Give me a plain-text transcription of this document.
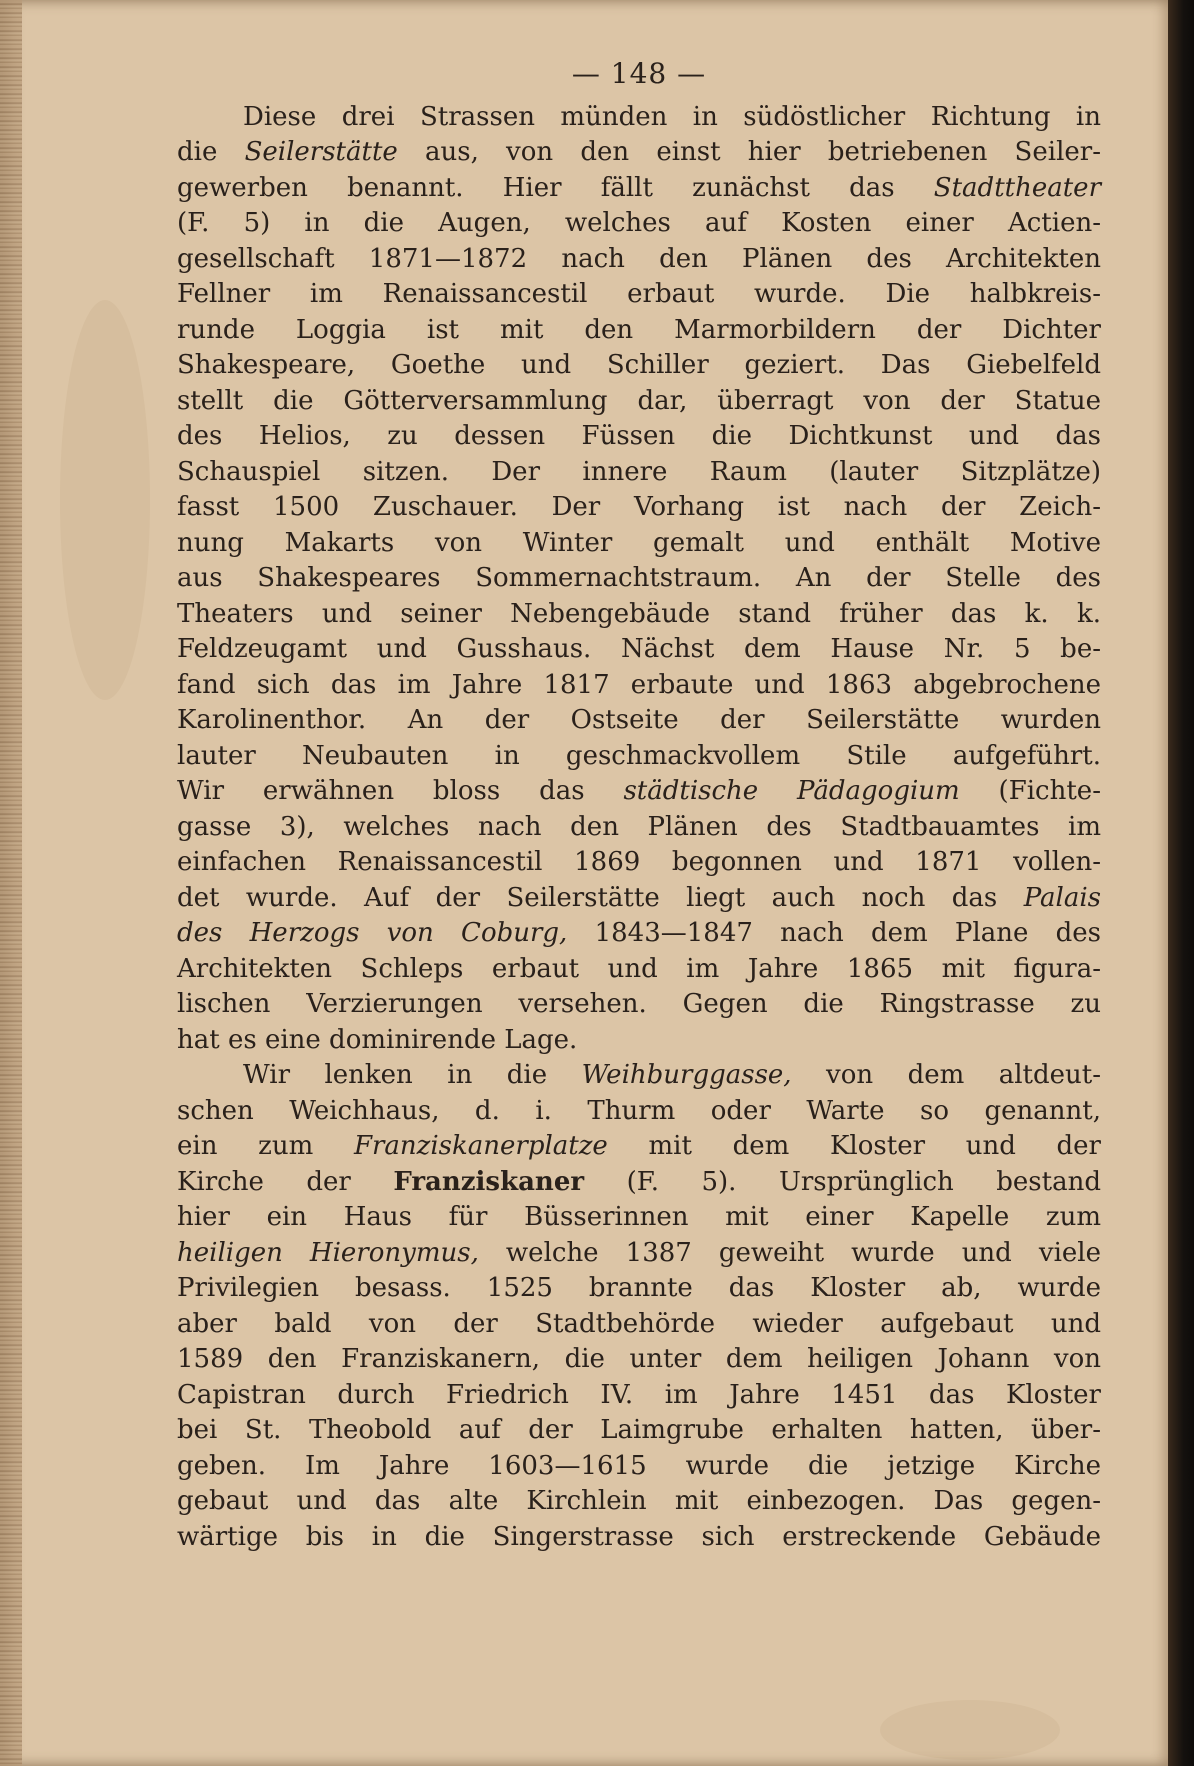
— 148 —
Diese drei Strassen münden in südöstlicher Richtung in
die Seilerstätte aus, von den einst hier betriebenen Seiler-
gewerben benannt. Hier fällt zunächst das Stadttheater
(F. 5) in die Augen, welches auf Kosten einer Actien-
gesellschaft 1871—1872 nach den Plänen des Architekten
Fellner im Renaissancestil erbaut wurde. Die halbkreis-
runde Loggia ist mit den Marmorbildern der Dichter
Shakespeare, Goethe und Schiller geziert. Das Giebelfeld
stellt die Götterversammlung dar, überragt von der Statue
des Helios, zu dessen Füssen die Dichtkunst und das
Schauspiel sitzen. Der innere Raum (lauter Sitzplätze)
fasst 1500 Zuschauer. Der Vorhang ist nach der Zeich-
nung Makarts von Winter gemalt und enthält Motive
aus Shakespeares Sommernachtstraum. An der Stelle des
Theaters und seiner Nebengebäude stand früher das k. k.
Feldzeugamt und Gusshaus. Nächst dem Hause Nr. 5 be-
fand sich das im Jahre 1817 erbaute und 1863 abgebrochene
Karolinenthor. An der Ostseite der Seilerstätte wurden
lauter Neubauten in geschmackvollem Stile aufgeführt.
Wir erwähnen bloss das städtische Pädagogium (Fichte-
gasse 3), welches nach den Plänen des Stadtbauamtes im
einfachen Renaissancestil 1869 begonnen und 1871 vollen-
det wurde. Auf der Seilerstätte liegt auch noch das Palais
des Herzogs von Coburg, 1843—1847 nach dem Plane des
Architekten Schleps erbaut und im Jahre 1865 mit figura-
lischen Verzierungen versehen. Gegen die Ringstrasse zu
hat es eine dominirende Lage.
Wir lenken in die Weihburggasse, von dem altdeut-
schen Weichhaus, d. i. Thurm oder Warte so genannt,
ein zum Franziskanerplatze mit dem Kloster und der
Kirche der Franziskaner (F. 5). Ursprünglich bestand
hier ein Haus für Büsserinnen mit einer Kapelle zum
heiligen Hieronymus, welche 1387 geweiht wurde und viele
Privilegien besass. 1525 brannte das Kloster ab, wurde
aber bald von der Stadtbehörde wieder aufgebaut und
1589 den Franziskanern, die unter dem heiligen Johann von
Capistran durch Friedrich IV. im Jahre 1451 das Kloster
bei St. Theobold auf der Laimgrube erhalten hatten, über-
geben. Im Jahre 1603—1615 wurde die jetzige Kirche
gebaut und das alte Kirchlein mit einbezogen. Das gegen-
wärtige bis in die Singerstrasse sich erstreckende Gebäude
